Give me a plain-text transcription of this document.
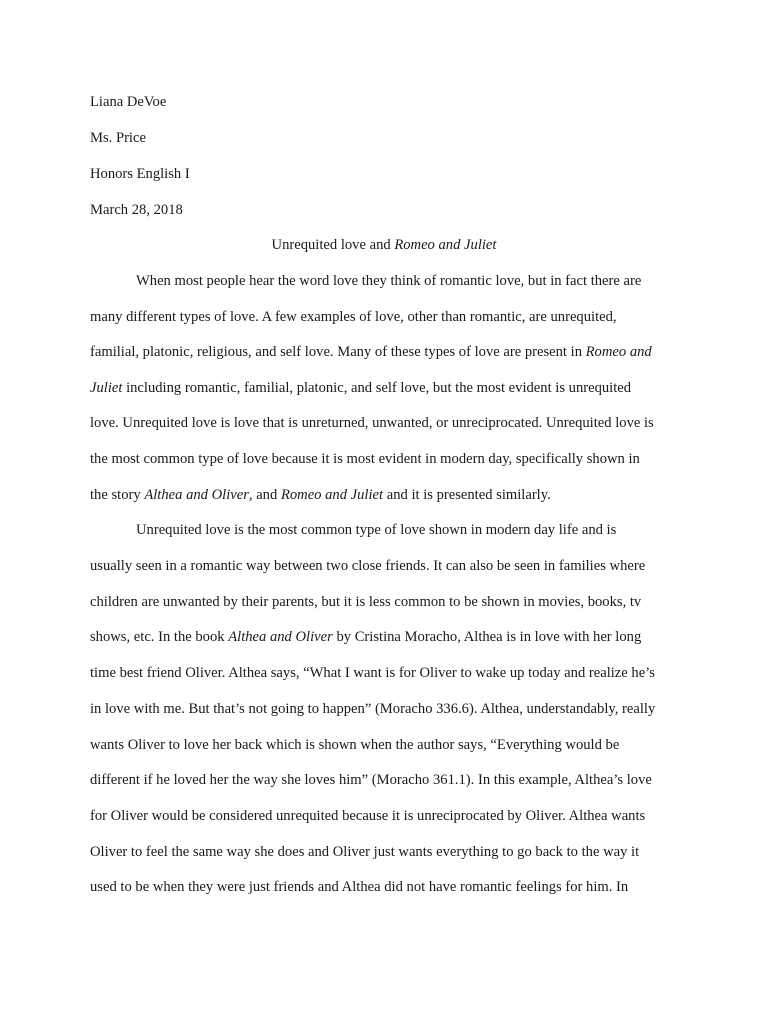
Liana DeVoe

Ms. Price

Honors English I

March 28, 2018

Unrequited love and Romeo and Juliet

When most people hear the word love they think of romantic love, but in fact there are

many different types of love. A few examples of love, other than romantic, are unrequited,

familial, platonic, religious, and self love. Many of these types of love are present in Romeo and

Juliet including romantic, familial, platonic, and self love, but the most evident is unrequited

love. Unrequited love is love that is unreturned, unwanted, or unreciprocated. Unrequited love is

the most common type of love because it is most evident in modern day, specifically shown in

the story Althea and Oliver, and Romeo and Juliet and it is presented similarly.

Unrequited love is the most common type of love shown in modern day life and is

usually seen in a romantic way between two close friends. It can also be seen in families where

children are unwanted by their parents, but it is less common to be shown in movies, books, tv

shows, etc. In the book Althea and Oliver by Cristina Moracho, Althea is in love with her long

time best friend Oliver. Althea says, “What I want is for Oliver to wake up today and realize he’s

in love with me. But that’s not going to happen” (Moracho 336.6). Althea, understandably, really

wants Oliver to love her back which is shown when the author says, “Everything would be

different if he loved her the way she loves him” (Moracho 361.1). In this example, Althea’s love

for Oliver would be considered unrequited because it is unreciprocated by Oliver. Althea wants

Oliver to feel the same way she does and Oliver just wants everything to go back to the way it

used to be when they were just friends and Althea did not have romantic feelings for him. In
